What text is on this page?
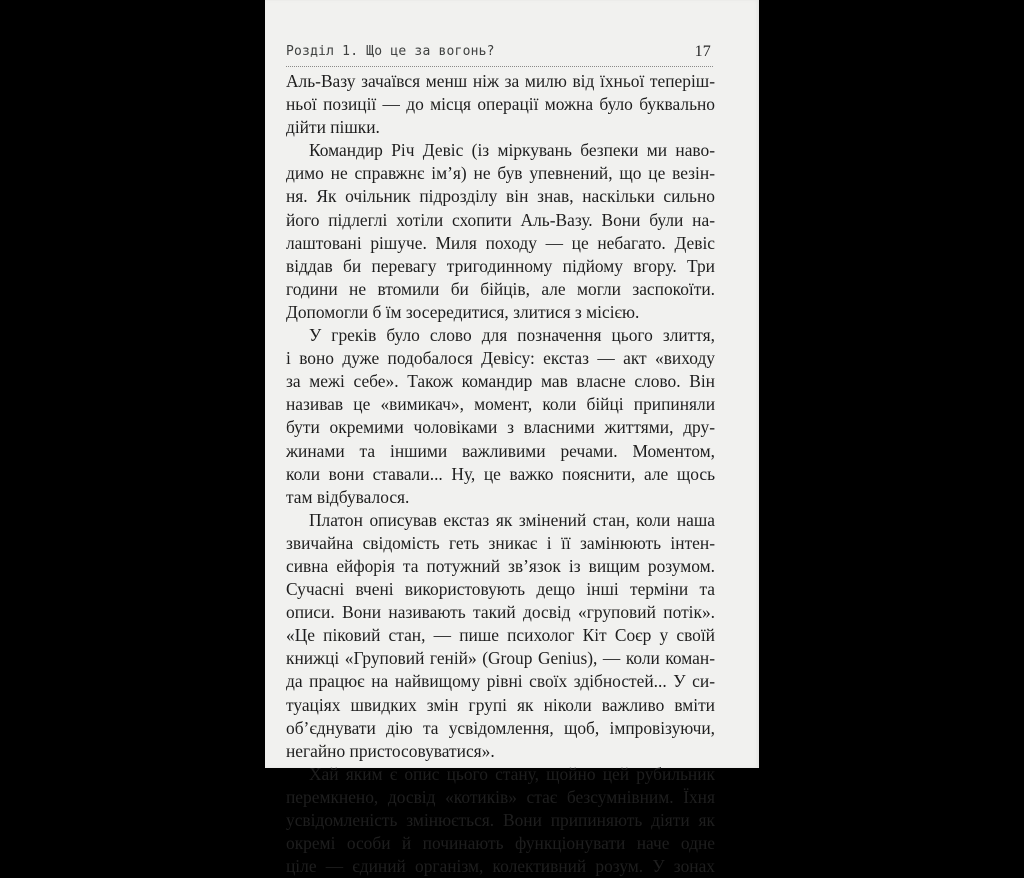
Розділ 1. Що це за вогонь?	17
Аль-Вазу зачаївся менш ніж за милю від їхньої теперіш-
ньої позиції — до місця операції можна було буквально
дійти пішки.
Командир Річ Девіс (із міркувань безпеки ми наво-
димо не справжнє ім’я) не був упевнений, що це везін-
ня. Як очільник підрозділу він знав, наскільки сильно
його підлеглі хотіли схопити Аль-Вазу. Вони були на-
лаштовані рішуче. Миля походу — це небагато. Девіс
віддав би перевагу тригодинному підйому вгору. Три
години не втомили би бійців, але могли заспокоїти.
Допомогли б їм зосередитися, злитися з місією.
У греків було слово для позначення цього злиття,
і воно дуже подобалося Девісу: екстаз — акт «виходу
за межі себе». Також командир мав власне слово. Він
називав це «вимикач», момент, коли бійці припиняли
бути окремими чоловіками з власними життями, дру-
жинами та іншими важливими речами. Моментом,
коли вони ставали... Ну, це важко пояснити, але щось
там відбувалося.
Платон описував екстаз як змінений стан, коли наша
звичайна свідомість геть зникає і її замінюють інтен-
сивна ейфорія та потужний зв’язок із вищим розумом.
Сучасні вчені використовують дещо інші терміни та
описи. Вони називають такий досвід «груповий потік».
«Це піковий стан, — пише психолог Кіт Соєр у своїй
книжці «Груповий геній» (Group Genius), — коли коман-
да працює на найвищому рівні своїх здібностей... У си-
туаціях швидких змін групі як ніколи важливо вміти
об’єднувати дію та усвідомлення, щоб, імпровізуючи,
негайно пристосовуватися».
Хай яким є опис цього стану, щойно цей рубильник
перемкнено, досвід «котиків» стає безсумнівним. Їхня
усвідомленість змінюється. Вони припиняють діяти як
окремі особи й починають функціонувати наче одне
ціле — єдиний організм, колективний розум. У зонах
